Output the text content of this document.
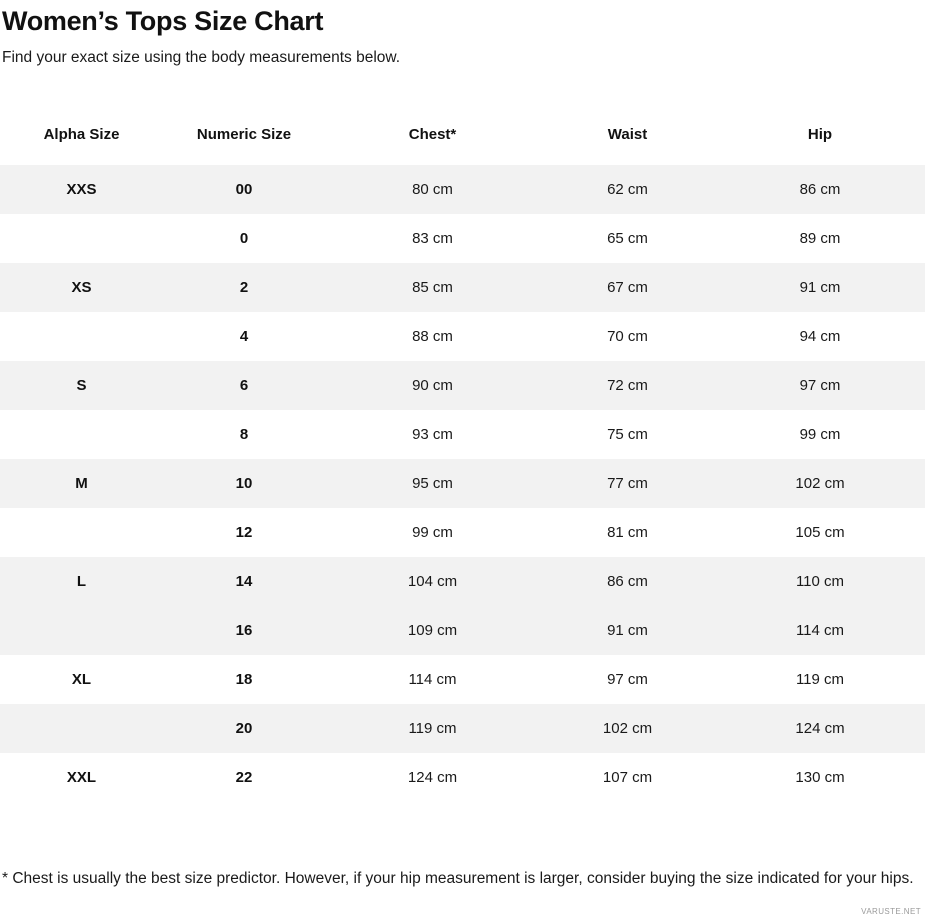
Women’s Tops Size Chart

Find your exact size using the body measurements below.

Alpha Size	Numeric Size	Chest*	Waist	Hip
XXS	00	80 cm	62 cm	86 cm
	0	83 cm	65 cm	89 cm
XS	2	85 cm	67 cm	91 cm
	4	88 cm	70 cm	94 cm
S	6	90 cm	72 cm	97 cm
	8	93 cm	75 cm	99 cm
M	10	95 cm	77 cm	102 cm
	12	99 cm	81 cm	105 cm
L	14	104 cm	86 cm	110 cm
	16	109 cm	91 cm	114 cm
XL	18	114 cm	97 cm	119 cm
	20	119 cm	102 cm	124 cm
XXL	22	124 cm	107 cm	130 cm
* Chest is usually the best size predictor. However, if your hip measurement is larger, consider buying the size indicated for your hips.
VARUSTE.NET
